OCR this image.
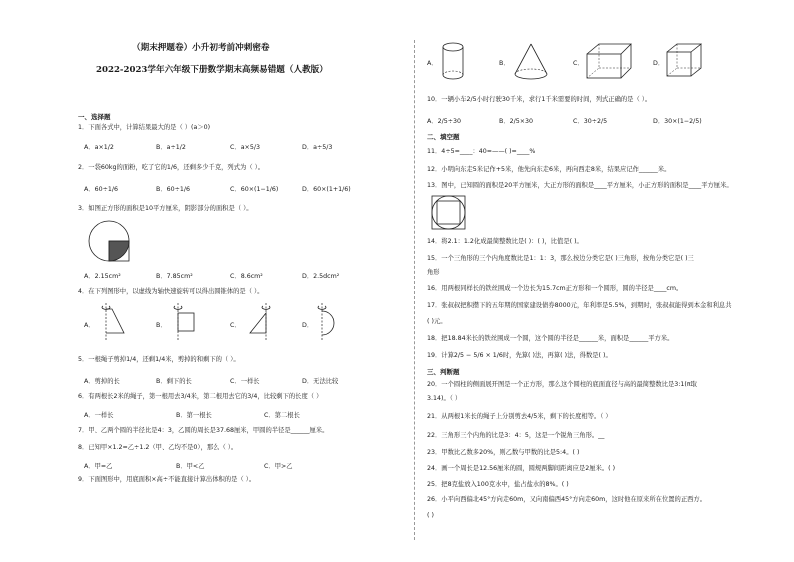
（期末押题卷）小升初考前冲刺密卷
2022-2023学年六年级下册数学期末高频易错题（人教版）
一、选择题
1．下面各式中，计算结果最大的是（ ）(a＞0)
A．a×1/2	B．a÷1/2	C．a×5/3	D．a÷5/3
2．一袋60kg的面粉，吃了它的1/6，还剩多少千克，列式为（ ）。
A．60÷1/6	B．60÷1/6	C．60×(1−1/6)	D．60×(1+1/6)
3．如图正方形的面积是10平方厘米，阴影部分的面积是（ ）。
A．2.15cm²	B．7.85cm²	C．8.6cm²	D．2.5dcm²
4．在下列图形中，以虚线为轴快速旋转可以得出圆锥体的是（ ）。
A．	B．	C．	D．
5．一根绳子剪掉1/4，还剩1/4米，剪掉的和剩下的（ ）。
A．剪掉的长	B．剩下的长	C．一样长	D．无法比较
6．有两根长2米的绳子，第一根用去3/4米，第二根用去它的3/4，比较剩下的长度（ ）
A．一样长	B．第一根长	C．第二根长
7．甲、乙两个圆的半径比是4：3，乙圆的周长是37.68厘米，甲圆的半径是______厘米。
8．已知甲×1.2=乙÷1.2（甲、乙均不是0），那么（ ）。
A．甲=乙	B．甲<乙	C．甲>乙
9．下面图形中，用底面积×高÷不能直接计算出体积的是（ ）。
A．	B．	C．	D．
10．一辆小车2/5小时行驶30千米，求行1千米需要的时间，列式正确的是（ ）。
A．2/5÷30	B．2/5×30	C．30÷2/5	D．30×(1−2/5)
二、填空题
11．4÷5=____：40=——( )=____%
12．小明向东走5米记作+5米，他先向东走6米，再向西走8米，结果应记作______米。
13．图中，已知圆的面积是20平方厘米，大正方形的面积是____平方厘米，小正方形的面积是____平方厘米。
14．将2.1：1.2化成最简整数比是( )：( )，比值是( )。
15．一个三角形的三个内角度数比是1：1：3，那么按边分类它是( )三角形，按角分类它是( )三
角形
16．用两根同样长的铁丝围成一个边长为15.7cm正方形和一个圆形，圆的半径是____cm。
17．张叔叔把积攒下的五年期的国家建设债券8000元，年利率是5.5%，到期时，张叔叔能得到本金和利息共
( )元。
18．把18.84米长的铁丝围成一个圆，这个圆的半径是______米，面积是______平方米。
19．计算2/5 − 5/6 × 1/6时，先算( )法，再算( )法，得数是( )。
三、判断题
20．一个圆柱的侧面展开图是一个正方形，那么这个圆柱的底面直径与高的最简整数比是3:1(π取
3.14)。（ ）
21．从两根1米长的绳子上分别剪去4/5米，剩下的长度相等。（ ）
22．三角形三个内角的比是3：4：5，这是一个锐角三角形。__
23．甲数比乙数多20%，则乙数与甲数的比是5:4。( )
24．画一个周长是12.56厘米的圆，圆规两脚间距离应是2厘米。( )
25．把8克盐放入100克水中，盐占盐水的8%。( )
26．小平向西偏北45°方向走60m，又向南偏西45°方向走60m，这时他在原来所在位置的正西方。
( )
